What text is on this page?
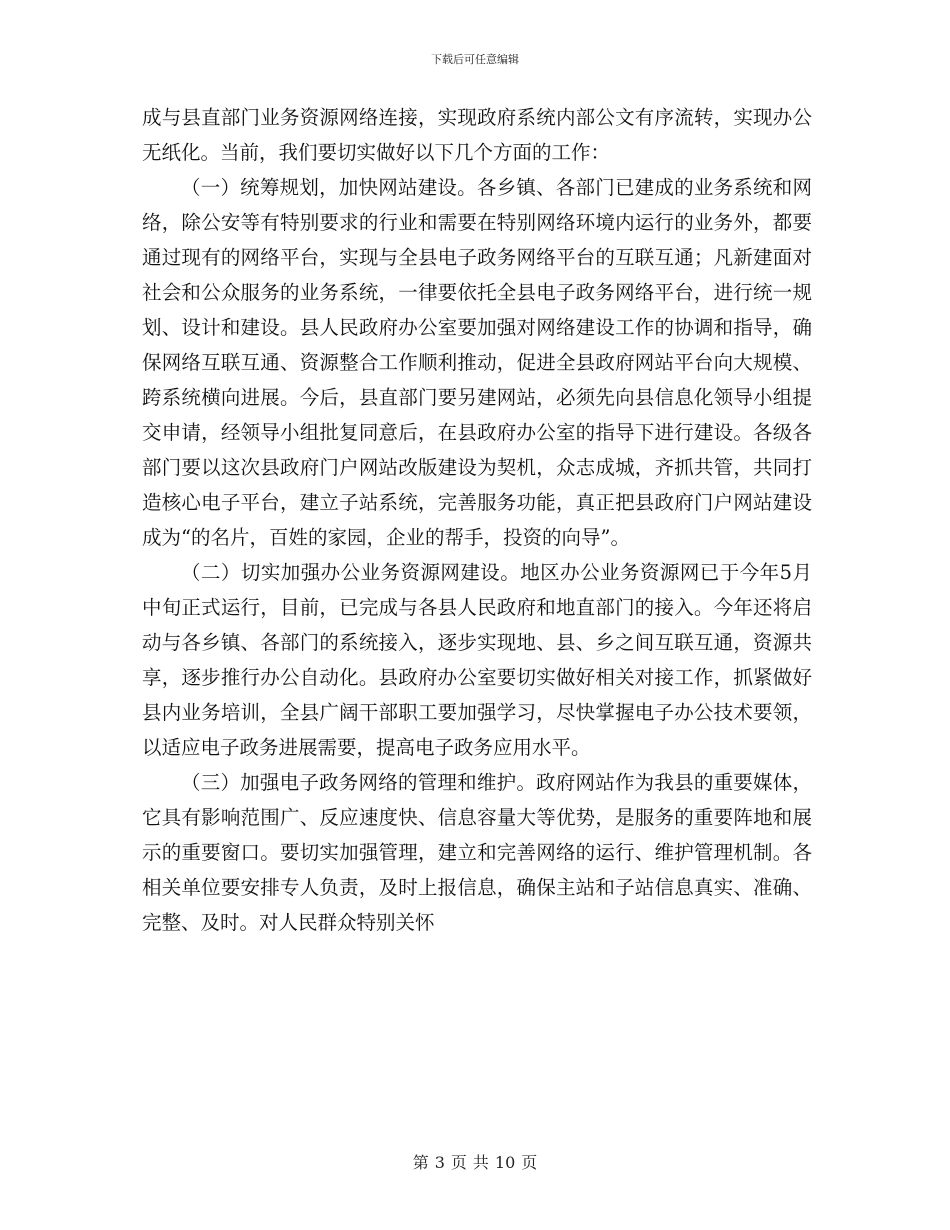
下载后可任意编辑

成与县直部门业务资源网络连接，实现政府系统内部公文有序流转，实现办公无纸化。当前，我们要切实做好以下几个方面的工作：

（一）统筹规划，加快网站建设。各乡镇、各部门已建成的业务系统和网络，除公安等有特别要求的行业和需要在特别网络环境内运行的业务外，都要通过现有的网络平台，实现与全县电子政务网络平台的互联互通；凡新建面对社会和公众服务的业务系统，一律要依托全县电子政务网络平台，进行统一规划、设计和建设。县人民政府办公室要加强对网络建设工作的协调和指导，确保网络互联互通、资源整合工作顺利推动，促进全县政府网站平台向大规模、跨系统横向进展。今后，县直部门要另建网站，必须先向县信息化领导小组提交申请，经领导小组批复同意后，在县政府办公室的指导下进行建设。各级各部门要以这次县政府门户网站改版建设为契机，众志成城，齐抓共管，共同打造核心电子平台，建立子站系统，完善服务功能，真正把县政府门户网站建设成为“的名片，百姓的家园，企业的帮手，投资的向导”。

（二）切实加强办公业务资源网建设。地区办公业务资源网已于今年5月中旬正式运行，目前，已完成与各县人民政府和地直部门的接入。今年还将启动与各乡镇、各部门的系统接入，逐步实现地、县、乡之间互联互通，资源共享，逐步推行办公自动化。县政府办公室要切实做好相关对接工作，抓紧做好县内业务培训，全县广阔干部职工要加强学习，尽快掌握电子办公技术要领，以适应电子政务进展需要，提高电子政务应用水平。

（三）加强电子政务网络的管理和维护。政府网站作为我县的重要媒体，它具有影响范围广、反应速度快、信息容量大等优势，是服务的重要阵地和展示的重要窗口。要切实加强管理，建立和完善网络的运行、维护管理机制。各相关单位要安排专人负责，及时上报信息，确保主站和子站信息真实、准确、完整、及时。对人民群众特别关怀

第 3 页 共 10 页
